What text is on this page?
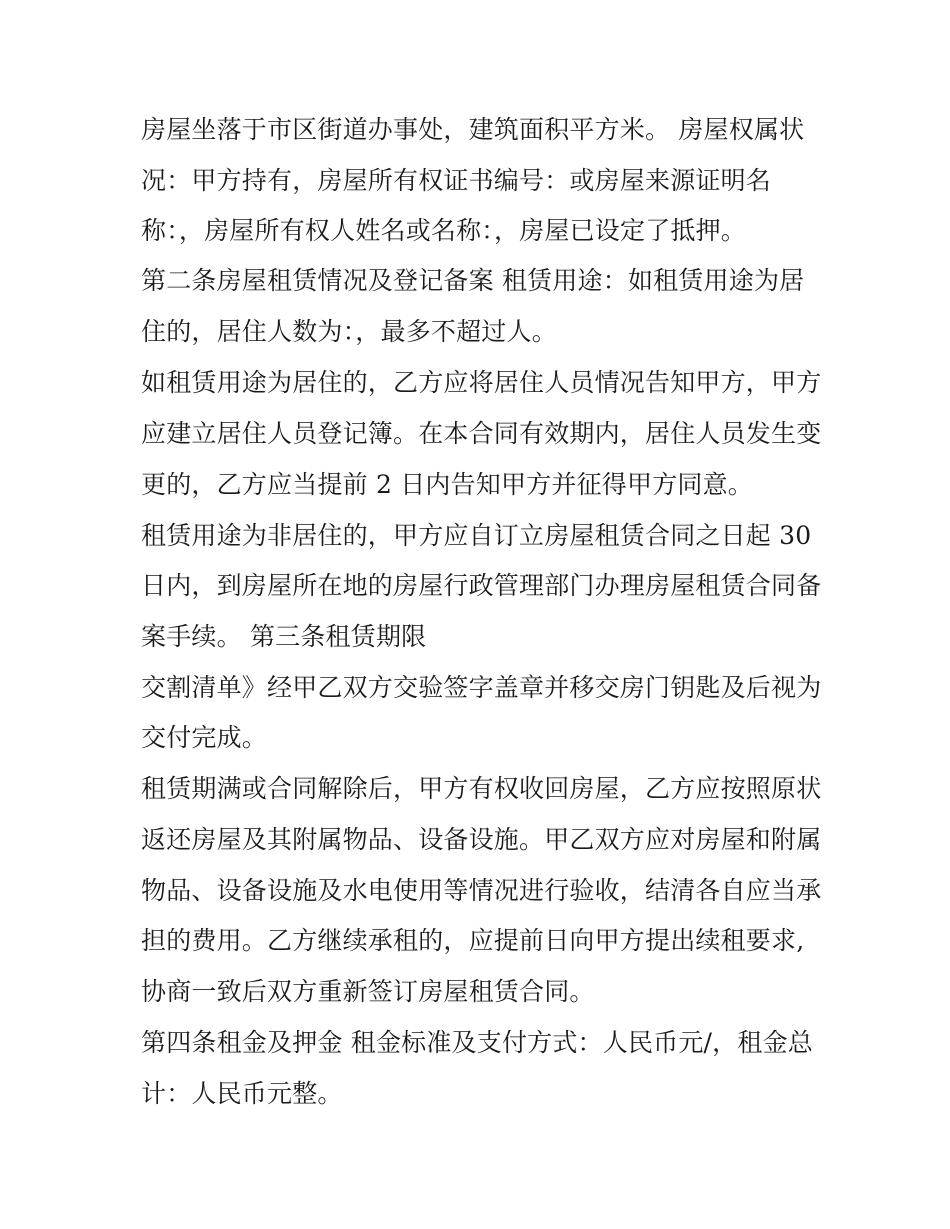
房屋坐落于市区街道办事处，建筑面积平方米。 房屋权属状
况：甲方持有，房屋所有权证书编号：或房屋来源证明名
称：，房屋所有权人姓名或名称：，房屋已设定了抵押。
第二条房屋租赁情况及登记备案 租赁用途：如租赁用途为居
住的，居住人数为：，最多不超过人。
如租赁用途为居住的，乙方应将居住人员情况告知甲方，甲方
应建立居住人员登记簿。在本合同有效期内，居住人员发生变
更的，乙方应当提前 2 日内告知甲方并征得甲方同意。
租赁用途为非居住的，甲方应自订立房屋租赁合同之日起 30
日内，到房屋所在地的房屋行政管理部门办理房屋租赁合同备
案手续。 第三条租赁期限
交割清单》经甲乙双方交验签字盖章并移交房门钥匙及后视为
交付完成。
租赁期满或合同解除后，甲方有权收回房屋，乙方应按照原状
返还房屋及其附属物品、设备设施。甲乙双方应对房屋和附属
物品、设备设施及水电使用等情况进行验收，结清各自应当承
担的费用。乙方继续承租的，应提前日向甲方提出续租要求,
协商一致后双方重新签订房屋租赁合同。
第四条租金及押金 租金标准及支付方式：人民币元/，租金总
计：人民币元整。
